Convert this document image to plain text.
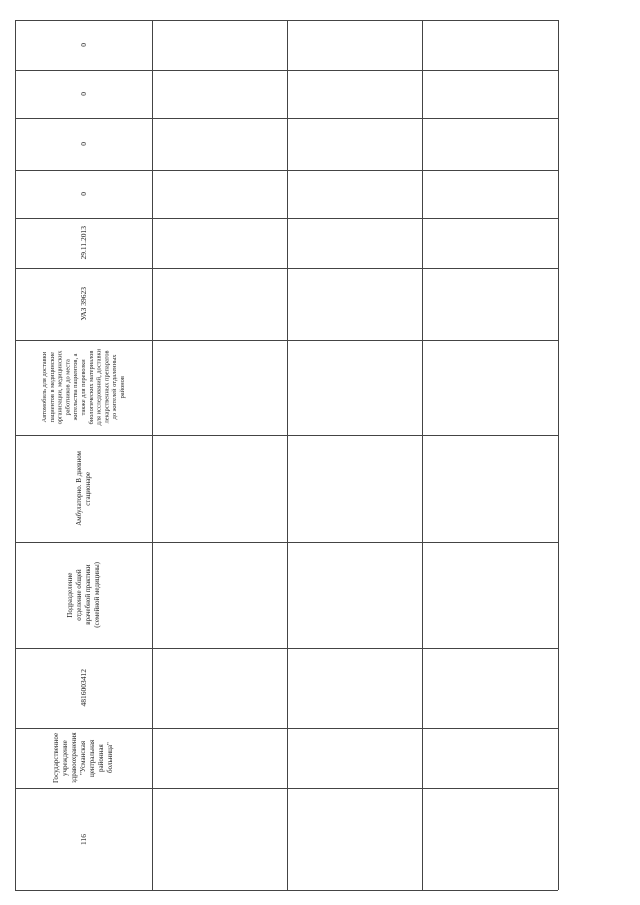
116
Государственное
учреждение
здравоохранения
"Усманская
центральная районная
больница"
4816003412
Подразделение
отделение общей
врачебной практики
(семейной медицины)
Амбулаторно. В дневном
стационаре
Автомобиль для доставки
пациентов в медицинские
организации, медицинских
работников до места
жительства пациентов, а
также для перевозки
биологических материалов
для исследований, доставки
лекарственных препаратов
до жителей отдаленных
районов
УАЗ 39623
29.11.2013
0
0
0
0
